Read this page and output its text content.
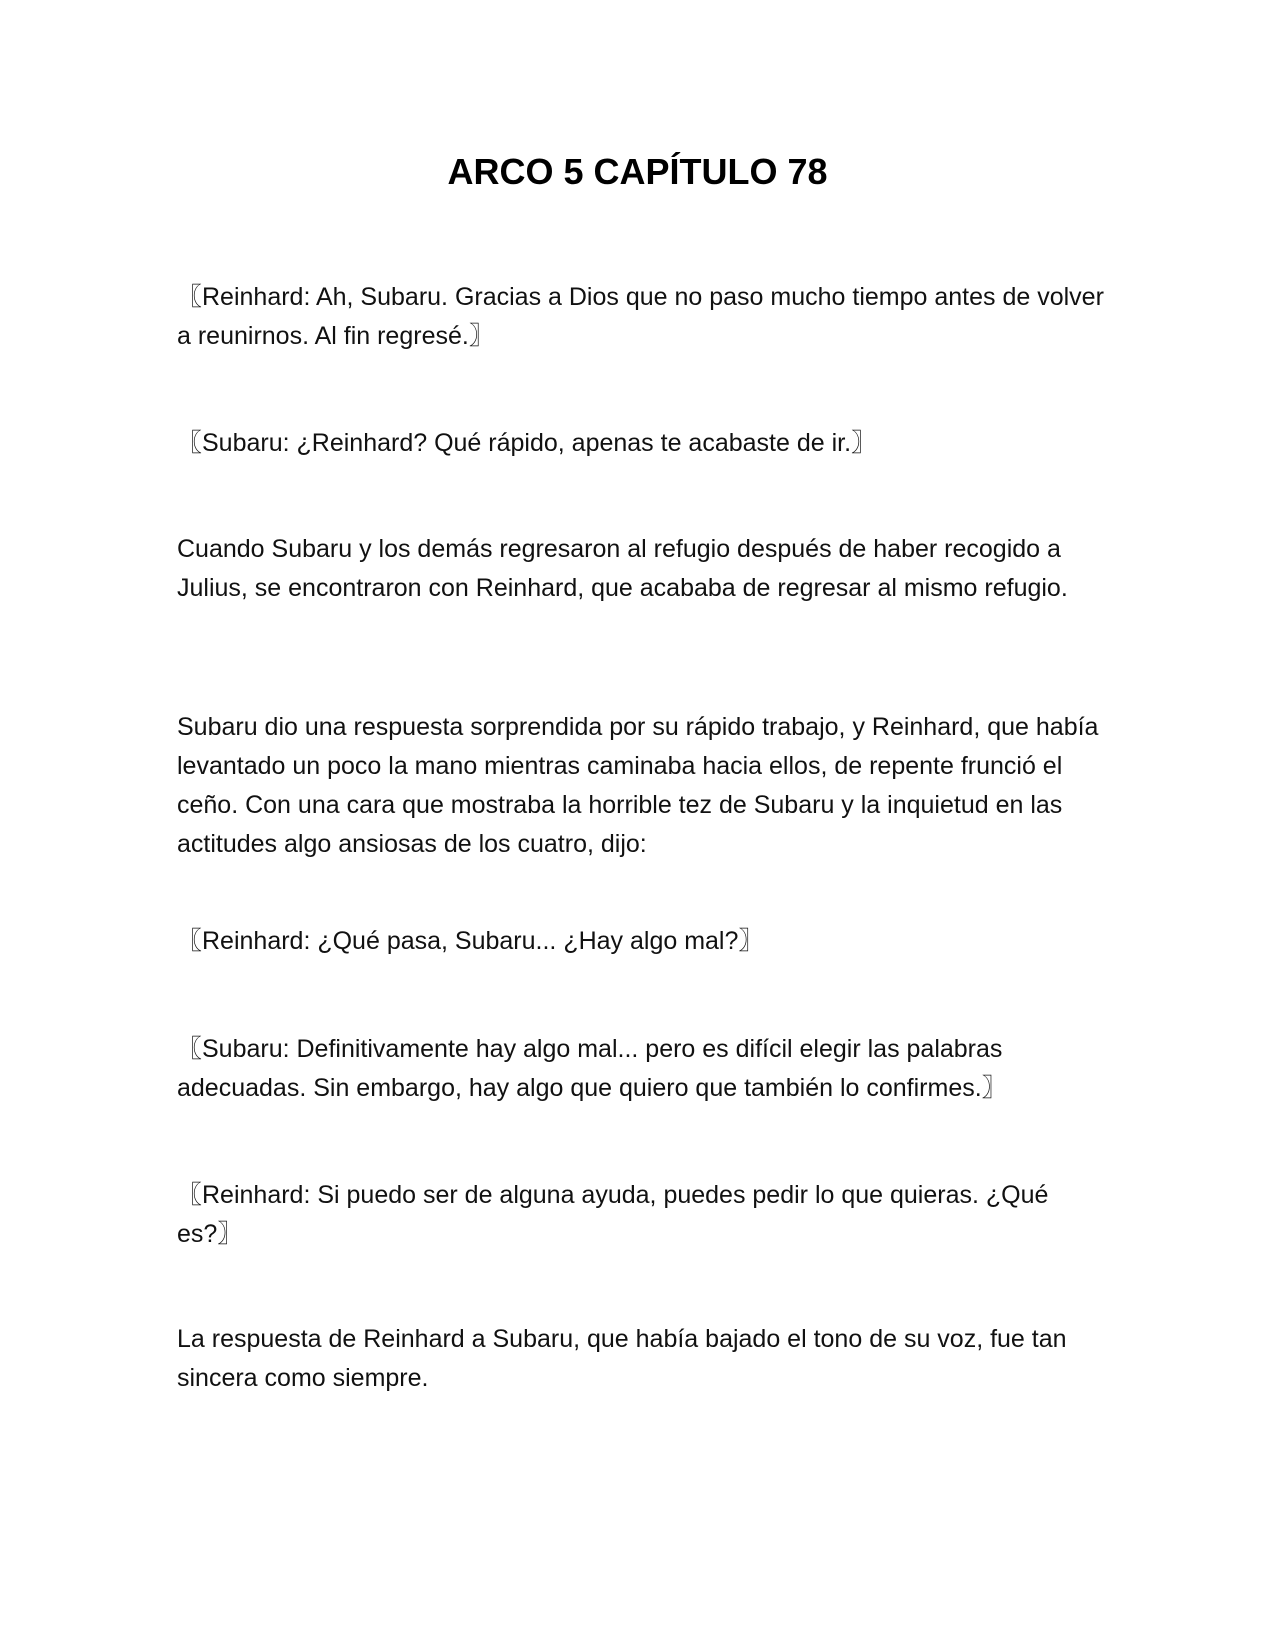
ARCO 5 CAPÍTULO 78

〖Reinhard: Ah, Subaru. Gracias a Dios que no paso mucho tiempo antes de volver a reunirnos. Al fin regresé.〗

〖Subaru: ¿Reinhard? Qué rápido, apenas te acabaste de ir.〗

Cuando Subaru y los demás regresaron al refugio después de haber recogido a Julius, se encontraron con Reinhard, que acababa de regresar al mismo refugio.

Subaru dio una respuesta sorprendida por su rápido trabajo, y Reinhard, que había levantado un poco la mano mientras caminaba hacia ellos, de repente frunció el ceño. Con una cara que mostraba la horrible tez de Subaru y la inquietud en las actitudes algo ansiosas de los cuatro, dijo:

〖Reinhard: ¿Qué pasa, Subaru... ¿Hay algo mal?〗

〖Subaru: Definitivamente hay algo mal... pero es difícil elegir las palabras adecuadas. Sin embargo, hay algo que quiero que también lo confirmes.〗

〖Reinhard: Si puedo ser de alguna ayuda, puedes pedir lo que quieras. ¿Qué es?〗

La respuesta de Reinhard a Subaru, que había bajado el tono de su voz, fue tan sincera como siempre.
